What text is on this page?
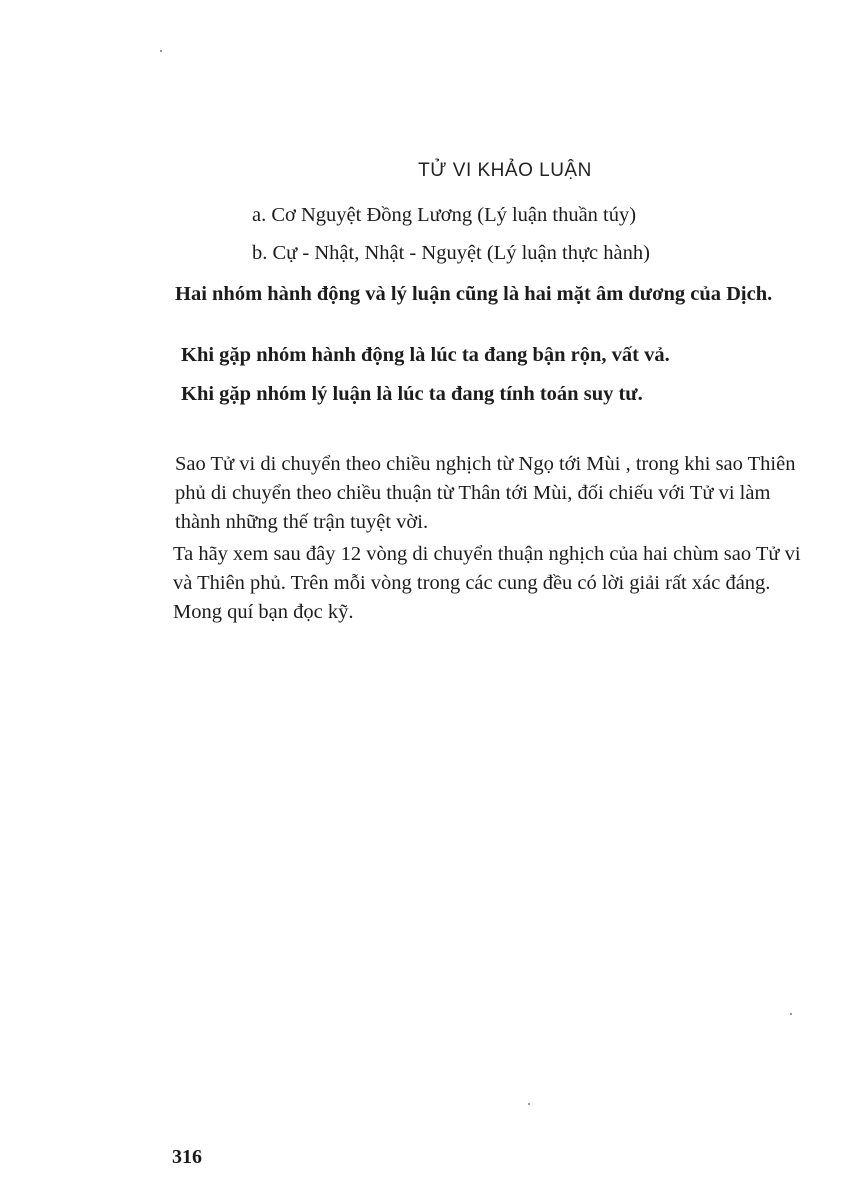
TỬ VI KHẢO LUẬN
a. Cơ Nguyệt Đồng Lương (Lý luận thuần túy)
b. Cự - Nhật, Nhật - Nguyệt (Lý luận thực hành)
Hai nhóm hành động và lý luận cũng là hai mặt âm dương của Dịch.
Khi gặp nhóm hành động là lúc ta đang bận rộn, vất vả.
Khi gặp nhóm lý luận là lúc ta đang tính toán suy tư.
Sao Tử vi di chuyển theo chiều nghịch từ Ngọ tới Mùi , trong khi sao Thiên phủ di chuyển theo chiều thuận từ Thân tới Mùi, đối chiếu với Tử vi làm thành những thế trận tuyệt vời.
Ta hãy xem sau đây 12 vòng di chuyển thuận nghịch của hai chùm sao Tử vi và Thiên phủ. Trên mỗi vòng trong các cung đều có lời giải rất xác đáng. Mong quí bạn đọc kỹ.
316
